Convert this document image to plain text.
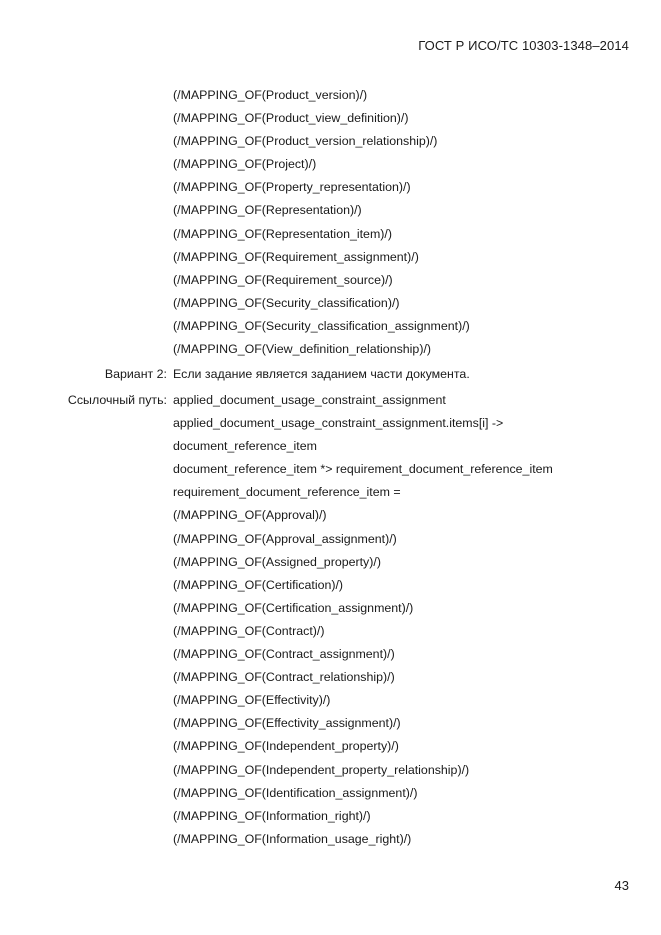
ГОСТ Р ИСО/ТС 10303-1348–2014
(/MAPPING_OF(Product_version)/)
(/MAPPING_OF(Product_view_definition)/)
(/MAPPING_OF(Product_version_relationship)/)
(/MAPPING_OF(Project)/)
(/MAPPING_OF(Property_representation)/)
(/MAPPING_OF(Representation)/)
(/MAPPING_OF(Representation_item)/)
(/MAPPING_OF(Requirement_assignment)/)
(/MAPPING_OF(Requirement_source)/)
(/MAPPING_OF(Security_classification)/)
(/MAPPING_OF(Security_classification_assignment)/)
(/MAPPING_OF(View_definition_relationship)/)
Вариант 2: Если задание является заданием части документа.
Ссылочный путь: applied_document_usage_constraint_assignment
applied_document_usage_constraint_assignment.items[i] ->
document_reference_item
document_reference_item *> requirement_document_reference_item
requirement_document_reference_item =
(/MAPPING_OF(Approval)/)
(/MAPPING_OF(Approval_assignment)/)
(/MAPPING_OF(Assigned_property)/)
(/MAPPING_OF(Certification)/)
(/MAPPING_OF(Certification_assignment)/)
(/MAPPING_OF(Contract)/)
(/MAPPING_OF(Contract_assignment)/)
(/MAPPING_OF(Contract_relationship)/)
(/MAPPING_OF(Effectivity)/)
(/MAPPING_OF(Effectivity_assignment)/)
(/MAPPING_OF(Independent_property)/)
(/MAPPING_OF(Independent_property_relationship)/)
(/MAPPING_OF(Identification_assignment)/)
(/MAPPING_OF(Information_right)/)
(/MAPPING_OF(Information_usage_right)/)
43
